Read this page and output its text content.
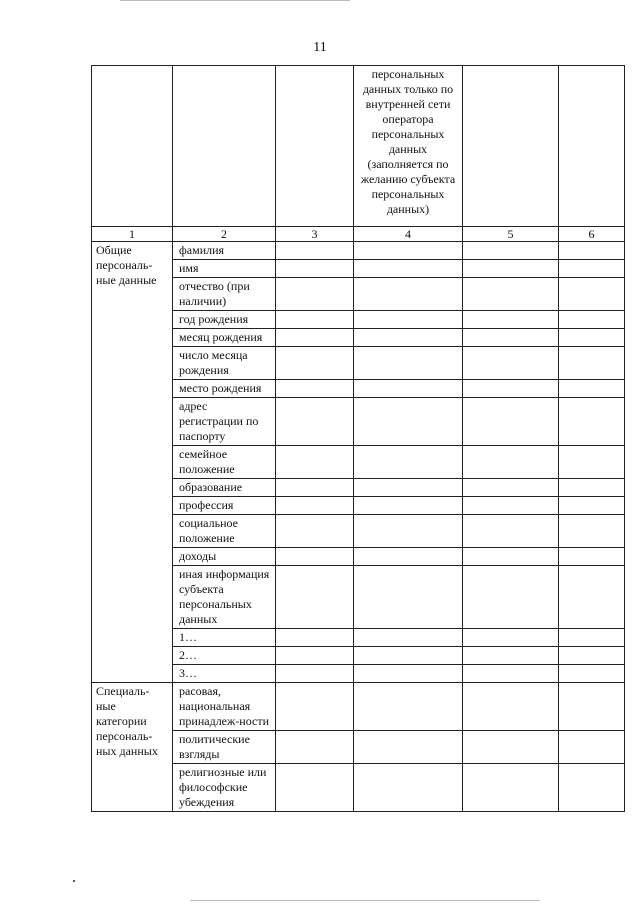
11
			персональных данных только по внутренней сети оператора персональных данных (заполняется по желанию субъекта персональных данных)		
1	2	3	4	5	6
Общие персональ-ные данные	фамилия				
	имя				
	отчество (при наличии)				
	год рождения				
	месяц рождения				
	число месяца рождения				
	место рождения				
	адрес регистрации по паспорту				
	семейное положение				
	образование				
	профессия				
	социальное положение				
	доходы				
	иная информация субъекта персональных данных				
	1…				
	2…				
	3…				
Специаль-ные категории персональ-ных данных	расовая, национальная принадлеж-ности				
	политические взгляды				
	религиозные или философские убеждения				
